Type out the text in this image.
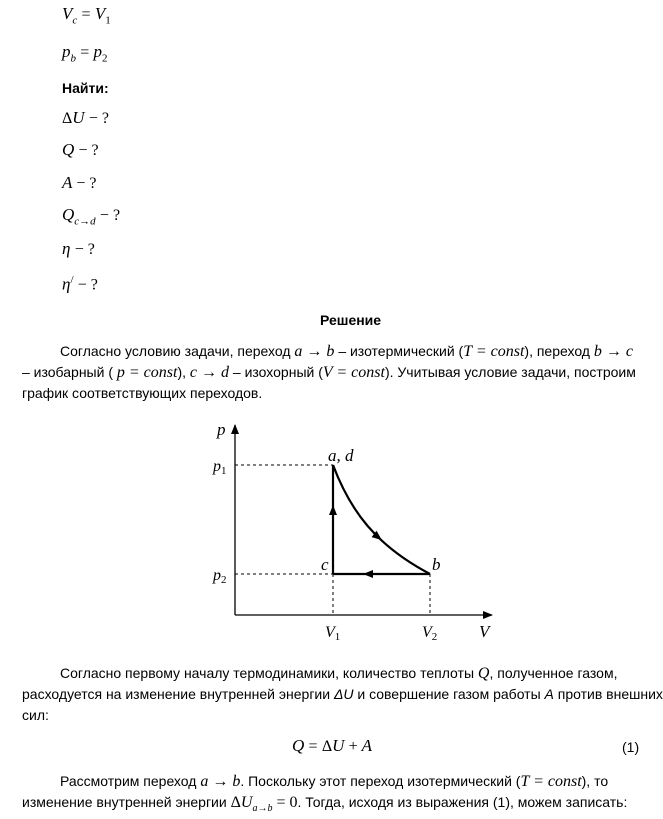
$V_c = V_1$
$p_b = p_2$
Найти:
ΔU − ?
Q − ?
A − ?
$Q_{c\to d}$ − ?
η − ?
η/ − ?
Решение
Согласно условию задачи, переход a → b – изотермический (T = const), переход b → c
– изобарный ( p = const), c → d – изохорный (V = const). Учитывая условие задачи, построим
график соответствующих переходов.
p
V
p1
p2
V1	V2
a, d
b
c
Согласно первому началу термодинамики, количество теплоты Q, полученное газом,
расходуется на изменение внутренней энергии ΔU и совершение газом работы A против внешних
сил:
Q = ΔU + A	(1)
Рассмотрим переход a → b. Поскольку этот переход изотермический (T = const), то
изменение внутренней энергии $\Delta U_{a\to b} = 0$. Тогда, исходя из выражения (1), можем записать:
